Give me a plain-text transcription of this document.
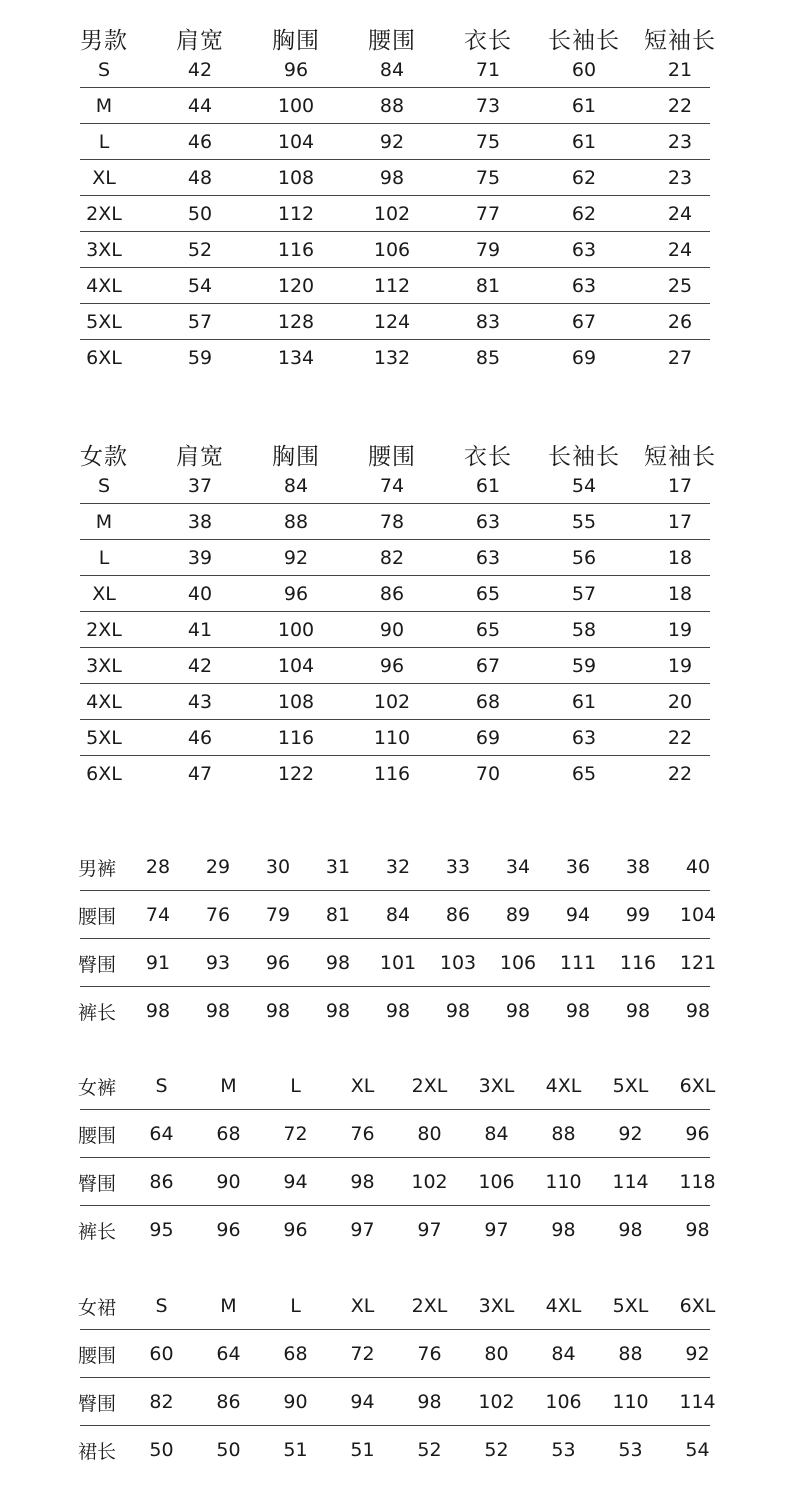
男款	肩宽	胸围	腰围	衣长	长袖长	短袖长
S	42	96	84	71	60	21
M	44	100	88	73	61	22
L	46	104	92	75	61	23
XL	48	108	98	75	62	23
2XL	50	112	102	77	62	24
3XL	52	116	106	79	63	24
4XL	54	120	112	81	63	25
5XL	57	128	124	83	67	26
6XL	59	134	132	85	69	27
女款	肩宽	胸围	腰围	衣长	长袖长	短袖长
S	37	84	74	61	54	17
M	38	88	78	63	55	17
L	39	92	82	63	56	18
XL	40	96	86	65	57	18
2XL	41	100	90	65	58	19
3XL	42	104	96	67	59	19
4XL	43	108	102	68	61	20
5XL	46	116	110	69	63	22
6XL	47	122	116	70	65	22
男裤	28	29	30	31	32	33	34	36	38	40
腰围	74	76	79	81	84	86	89	94	99	104
臀围	91	93	96	98	101	103	106	111	116	121
裤长	98	98	98	98	98	98	98	98	98	98
女裤	S	M	L	XL	2XL	3XL	4XL	5XL	6XL
腰围	64	68	72	76	80	84	88	92	96
臀围	86	90	94	98	102	106	110	114	118
裤长	95	96	96	97	97	97	98	98	98
女裙	S	M	L	XL	2XL	3XL	4XL	5XL	6XL
腰围	60	64	68	72	76	80	84	88	92
臀围	82	86	90	94	98	102	106	110	114
裙长	50	50	51	51	52	52	53	53	54
